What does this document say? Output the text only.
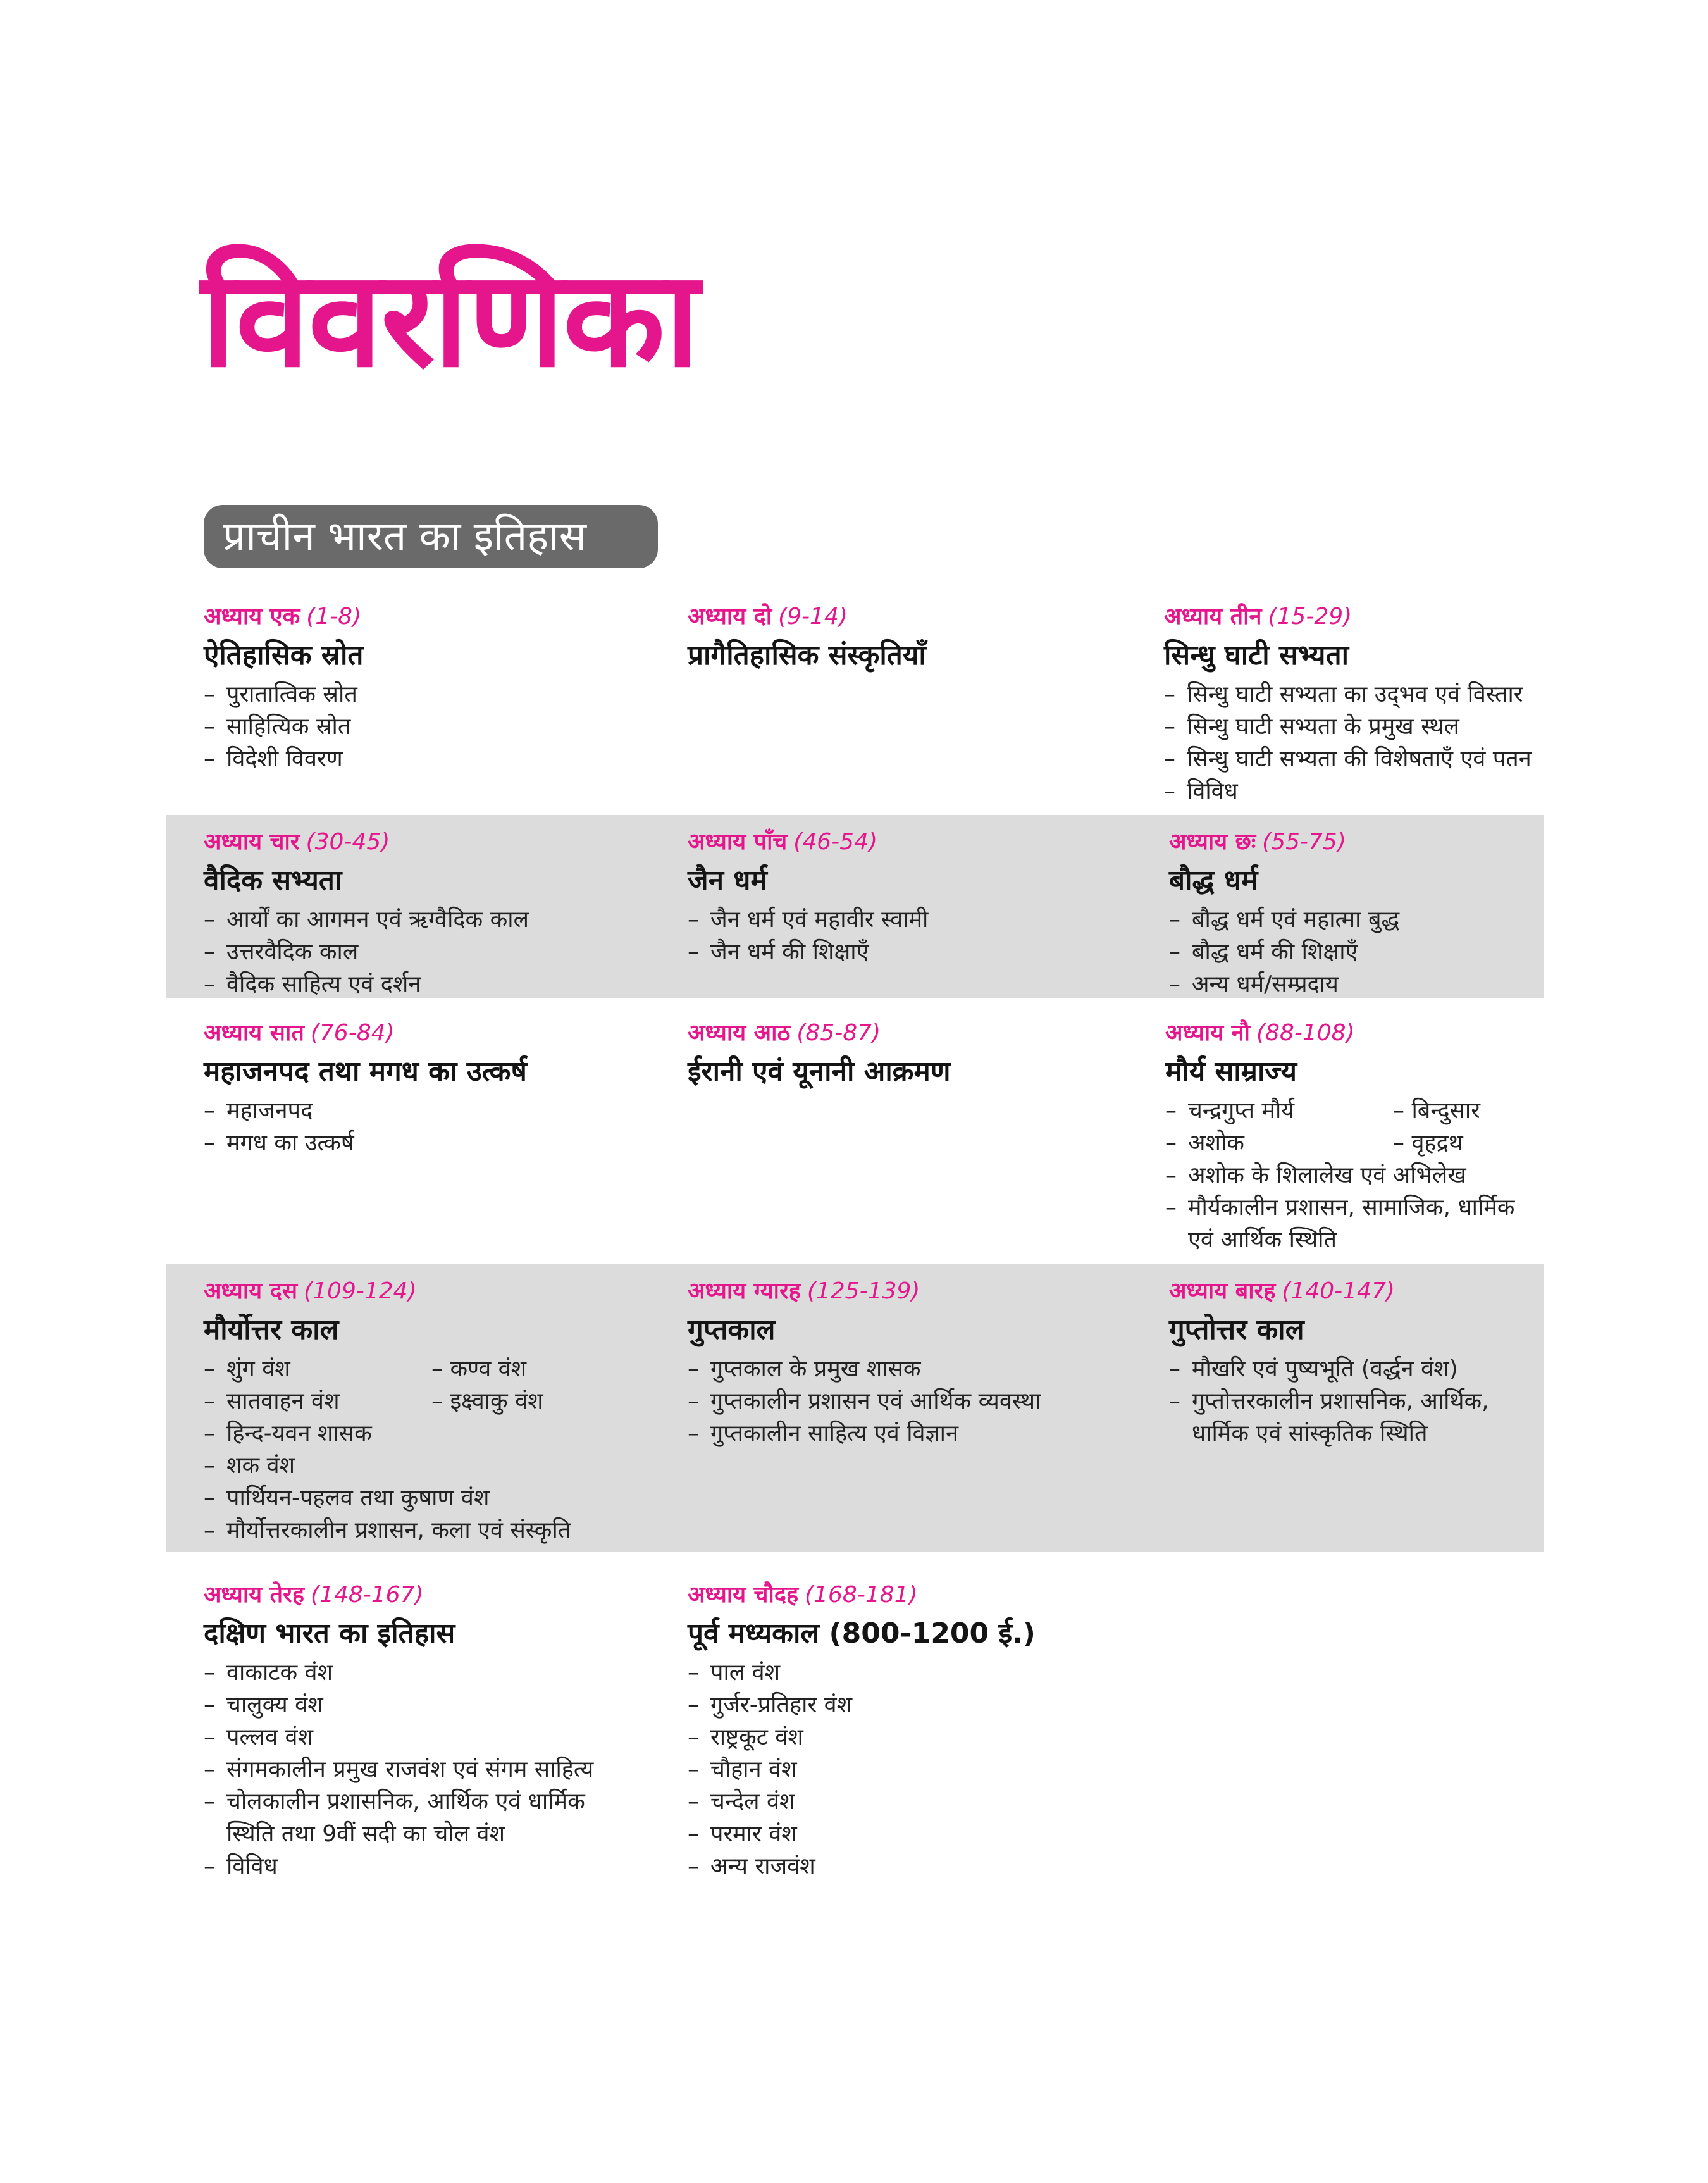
विवरणिका
प्राचीन भारत का इतिहास
अध्याय एक (1-8)
ऐतिहासिक स्रोत
– पुरातात्विक स्रोत
– साहित्यिक स्रोत
– विदेशी विवरण
अध्याय दो (9-14)
प्रागैतिहासिक संस्कृतियाँ
अध्याय तीन (15-29)
सिन्धु घाटी सभ्यता
– सिन्धु घाटी सभ्यता का उद्‌भव एवं विस्तार
– सिन्धु घाटी सभ्यता के प्रमुख स्थल
– सिन्धु घाटी सभ्यता की विशेषताएँ एवं पतन
– विविध
अध्याय चार (30-45)
वैदिक सभ्यता
– आर्यों का आगमन एवं ऋग्वैदिक काल
– उत्तरवैदिक काल
– वैदिक साहित्य एवं दर्शन
अध्याय पाँच (46-54)
जैन धर्म
– जैन धर्म एवं महावीर स्वामी
– जैन धर्म की शिक्षाएँ
अध्याय छः (55-75)
बौद्ध धर्म
– बौद्ध धर्म एवं महात्मा बुद्ध
– बौद्ध धर्म की शिक्षाएँ
– अन्य धर्म/सम्प्रदाय
अध्याय सात (76-84)
महाजनपद तथा मगध का उत्कर्ष
– महाजनपद
– मगध का उत्कर्ष
अध्याय आठ (85-87)
ईरानी एवं यूनानी आक्रमण
अध्याय नौ (88-108)
मौर्य साम्राज्य
– चन्द्रगुप्त मौर्य	– बिन्दुसार
– अशोक	– वृहद्रथ
– अशोक के शिलालेख एवं अभिलेख
– मौर्यकालीन प्रशासन, सामाजिक, धार्मिक एवं आर्थिक स्थिति
अध्याय दस (109-124)
मौर्योत्तर काल
– शुंग वंश	– कण्व वंश
– सातवाहन वंश	– इक्ष्वाकु वंश
– हिन्द-यवन शासक
– शक वंश
– पार्थियन-पहलव तथा कुषाण वंश
– मौर्योत्तरकालीन प्रशासन, कला एवं संस्कृति
अध्याय ग्यारह (125-139)
गुप्तकाल
– गुप्तकाल के प्रमुख शासक
– गुप्तकालीन प्रशासन एवं आर्थिक व्यवस्था
– गुप्तकालीन साहित्य एवं विज्ञान
अध्याय बारह (140-147)
गुप्तोत्तर काल
– मौखरि एवं पुष्यभूति (वर्द्धन वंश)
– गुप्तोत्तरकालीन प्रशासनिक, आर्थिक, धार्मिक एवं सांस्कृतिक स्थिति
अध्याय तेरह (148-167)
दक्षिण भारत का इतिहास
– वाकाटक वंश
– चालुक्य वंश
– पल्लव वंश
– संगमकालीन प्रमुख राजवंश एवं संगम साहित्य
– चोलकालीन प्रशासनिक, आर्थिक एवं धार्मिक स्थिति तथा 9वीं सदी का चोल वंश
– विविध
अध्याय चौदह (168-181)
पूर्व मध्यकाल (800-1200 ई.)
– पाल वंश
– गुर्जर-प्रतिहार वंश
– राष्ट्रकूट वंश
– चौहान वंश
– चन्देल वंश
– परमार वंश
– अन्य राजवंश
